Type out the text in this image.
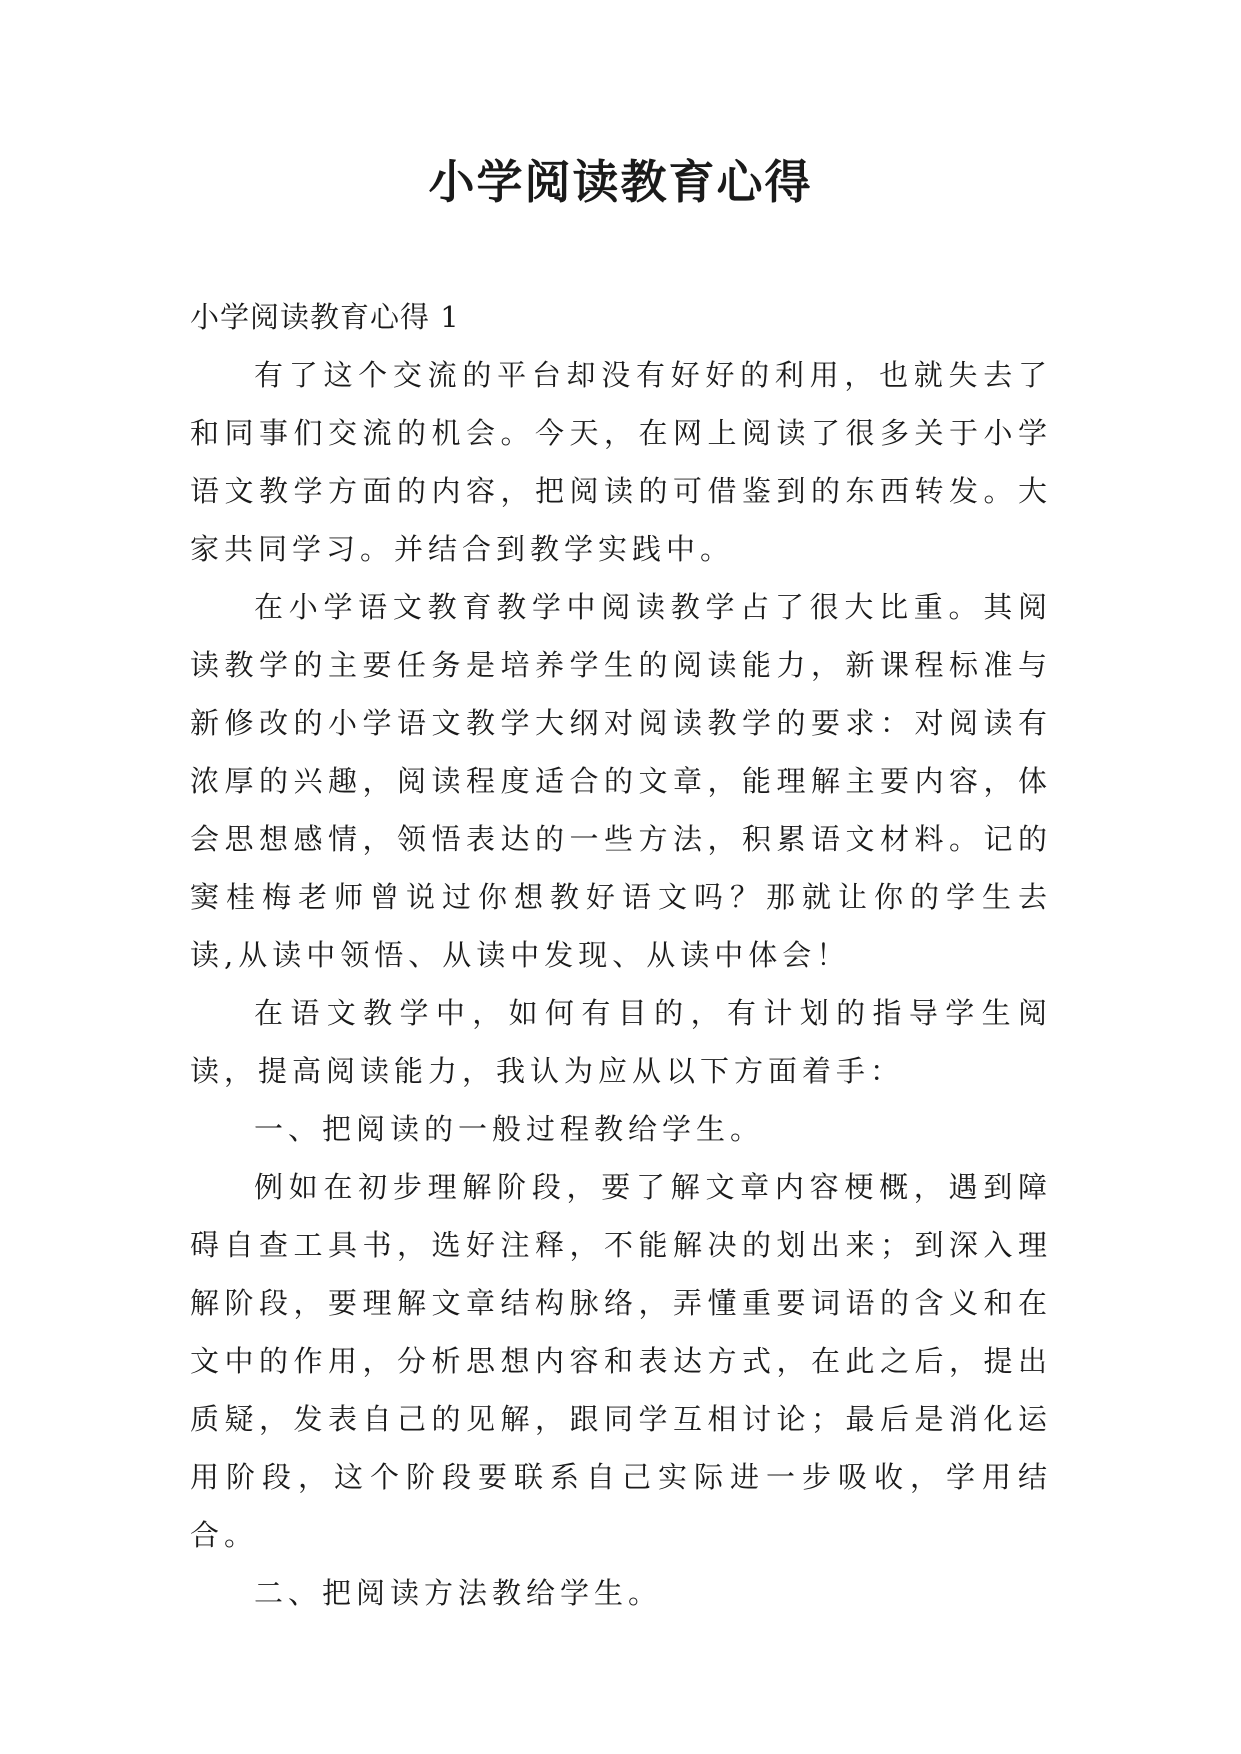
小学阅读教育心得

小学阅读教育心得 1

有了这个交流的平台却没有好好的利用，也就失去了和同事们交流的机会。今天，在网上阅读了很多关于小学语文教学方面的内容，把阅读的可借鉴到的东西转发。大家共同学习。并结合到教学实践中。

在小学语文教育教学中阅读教学占了很大比重。其阅读教学的主要任务是培养学生的阅读能力，新课程标准与新修改的小学语文教学大纲对阅读教学的要求：对阅读有浓厚的兴趣，阅读程度适合的文章，能理解主要内容，体会思想感情，领悟表达的一些方法，积累语文材料。记的窦桂梅老师曾说过你想教好语文吗？那就让你的学生去读,从读中领悟、从读中发现、从读中体会！

在语文教学中，如何有目的，有计划的指导学生阅读，提高阅读能力，我认为应从以下方面着手：

一、把阅读的一般过程教给学生。

例如在初步理解阶段，要了解文章内容梗概，遇到障碍自查工具书，选好注释，不能解决的划出来；到深入理解阶段，要理解文章结构脉络，弄懂重要词语的含义和在文中的作用，分析思想内容和表达方式，在此之后，提出质疑，发表自己的见解，跟同学互相讨论；最后是消化运用阶段，这个阶段要联系自己实际进一步吸收，学用结合。

二、把阅读方法教给学生。
